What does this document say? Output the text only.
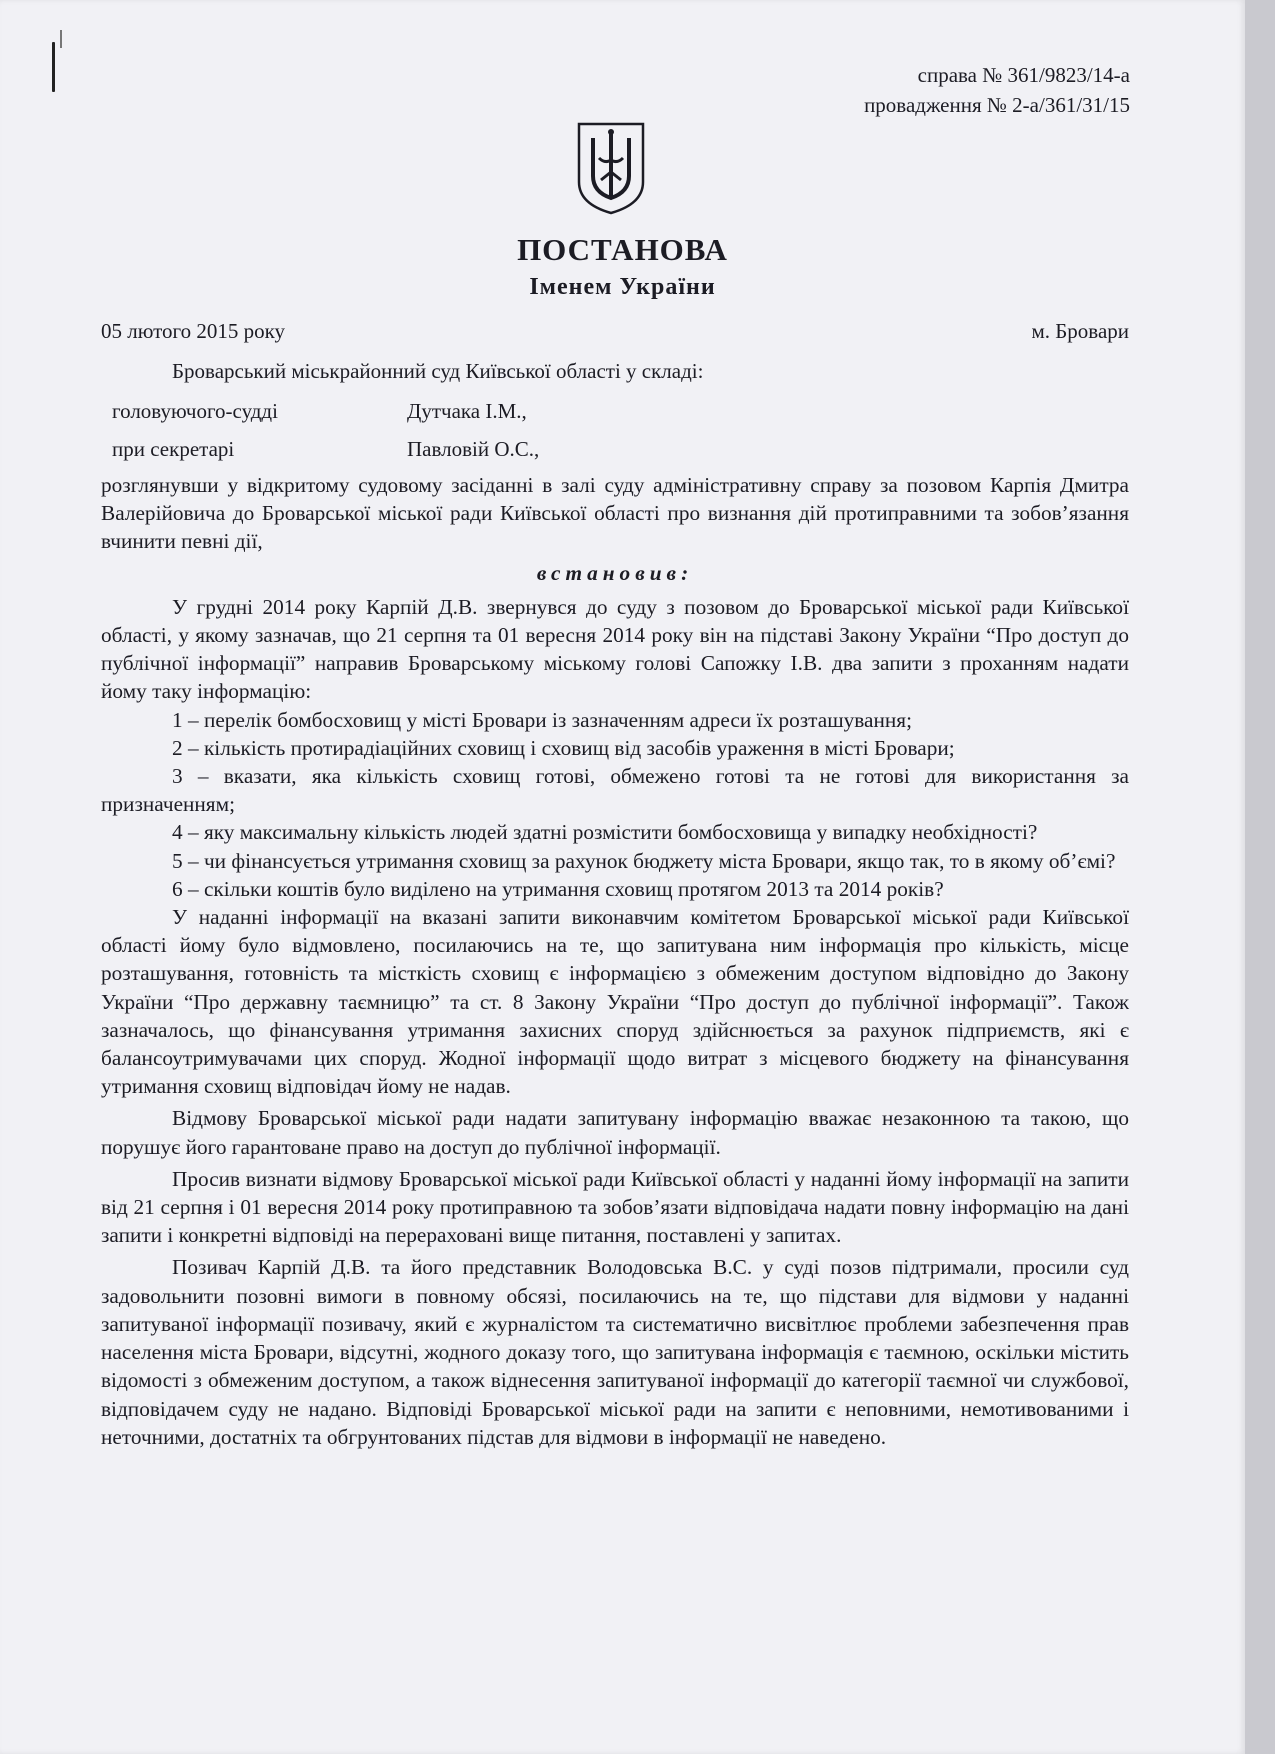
справа № 361/9823/14-а
провадження № 2-а/361/31/15
ПОСТАНОВА
Іменем України
05 лютого 2015 року	м. Бровари
Броварський міськрайонний суд Київської області у складі:
головуючого-судді	Дутчака І.М.,
при секретарі	Павловій О.С.,

розглянувши у відкритому судовому засіданні в залі суду адміністративну справу за позовом Карпія Дмитра Валерійовича до Броварської міської ради Київської області про визнання дій протиправними та зобов’язання вчинити певні дії,

встановив:

У грудні 2014 року Карпій Д.В. звернувся до суду з позовом до Броварської міської ради Київської області, у якому зазначав, що 21 серпня та 01 вересня 2014 року він на підставі Закону України “Про доступ до публічної інформації” направив Броварському міському голові Сапожку І.В. два запити з проханням надати йому таку інформацію:

1 – перелік бомбосховищ у місті Бровари із зазначенням адреси їх розташування;

2 – кількість протирадіаційних сховищ і сховищ від засобів ураження в місті Бровари;

3 – вказати, яка кількість сховищ готові, обмежено готові та не готові для використання за призначенням;

4 – яку максимальну кількість людей здатні розмістити бомбосховища у випадку необхідності?

5 – чи фінансується утримання сховищ за рахунок бюджету міста Бровари, якщо так, то в якому об’ємі?

6 – скільки коштів було виділено на утримання сховищ протягом 2013 та 2014 років?

У наданні інформації на вказані запити виконавчим комітетом Броварської міської ради Київської області йому було відмовлено, посилаючись на те, що запитувана ним інформація про кількість, місце розташування, готовність та місткість сховищ є інформацією з обмеженим доступом відповідно до Закону України “Про державну таємницю” та ст. 8 Закону України “Про доступ до публічної інформації”. Також зазначалось, що фінансування утримання захисних споруд здійснюється за рахунок підприємств, які є балансоутримувачами цих споруд. Жодної інформації щодо витрат з місцевого бюджету на фінансування утримання сховищ відповідач йому не надав.

Відмову Броварської міської ради надати запитувану інформацію вважає незаконною та такою, що порушує його гарантоване право на доступ до публічної інформації.

Просив визнати відмову Броварської міської ради Київської області у наданні йому інформації на запити від 21 серпня і 01 вересня 2014 року протиправною та зобов’язати відповідача надати повну інформацію на дані запити і конкретні відповіді на перераховані вище питання, поставлені у запитах.

Позивач Карпій Д.В. та його представник Володовська В.С. у суді позов підтримали, просили суд задовольнити позовні вимоги в повному обсязі, посилаючись на те, що підстави для відмови у наданні запитуваної інформації позивачу, який є журналістом та систематично висвітлює проблеми забезпечення прав населення міста Бровари, відсутні, жодного доказу того, що запитувана інформація є таємною, оскільки містить відомості з обмеженим доступом, а також віднесення запитуваної інформації до категорії таємної чи службової, відповідачем суду не надано. Відповіді Броварської міської ради на запити є неповними, немотивованими і неточними, достатніх та обгрунтованих підстав для відмови в інформації не наведено.
